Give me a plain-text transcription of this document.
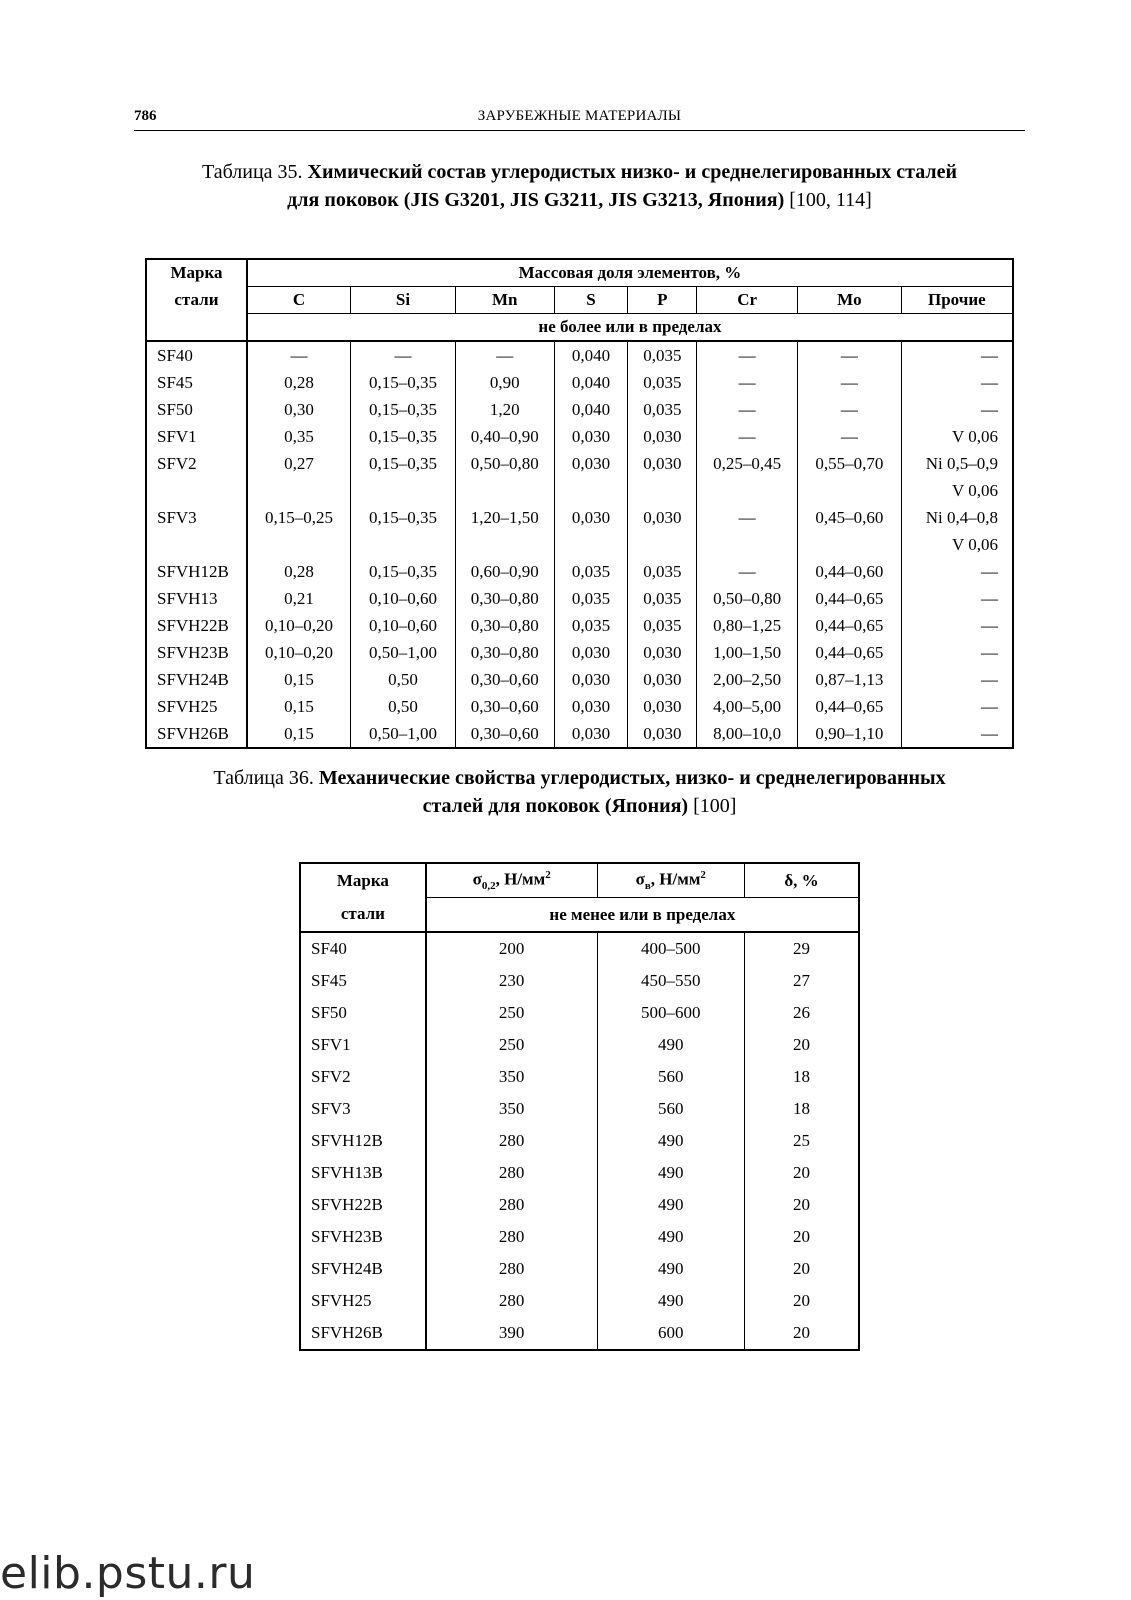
786	ЗАРУБЕЖНЫЕ МАТЕРИАЛЫ
Таблица 35. Химический состав углеродистых низко- и среднелегированных сталей
для поковок (JIS G3201, JIS G3211, JIS G3213, Япония) [100, 114]
Марка	Массовая доля элементов, %							
стали	C	Si	Mn	S	P	Cr	Mo	Прочие
	не более или в пределах							
SF40	—	—	—	0,040	0,035	—	—	—
SF45	0,28	0,15–0,35	0,90	0,040	0,035	—	—	—
SF50	0,30	0,15–0,35	1,20	0,040	0,035	—	—	—
SFV1	0,35	0,15–0,35	0,40–0,90	0,030	0,030	—	—	V 0,06
SFV2	0,27	0,15–0,35	0,50–0,80	0,030	0,030	0,25–0,45	0,55–0,70	Ni 0,5–0,9
								V 0,06
SFV3	0,15–0,25	0,15–0,35	1,20–1,50	0,030	0,030	—	0,45–0,60	Ni 0,4–0,8
								V 0,06
SFVH12B	0,28	0,15–0,35	0,60–0,90	0,035	0,035	—	0,44–0,60	—
SFVH13	0,21	0,10–0,60	0,30–0,80	0,035	0,035	0,50–0,80	0,44–0,65	—
SFVH22B	0,10–0,20	0,10–0,60	0,30–0,80	0,035	0,035	0,80–1,25	0,44–0,65	—
SFVH23B	0,10–0,20	0,50–1,00	0,30–0,80	0,030	0,030	1,00–1,50	0,44–0,65	—
SFVH24B	0,15	0,50	0,30–0,60	0,030	0,030	2,00–2,50	0,87–1,13	—
SFVH25	0,15	0,50	0,30–0,60	0,030	0,030	4,00–5,00	0,44–0,65	—
SFVH26B	0,15	0,50–1,00	0,30–0,60	0,030	0,030	8,00–10,0	0,90–1,10	—
Таблица 36. Механические свойства углеродистых, низко- и среднелегированных
сталей для поковок (Япония) [100]
Марка	$\sigma_{0,2}$, $Н/мм^2$	$\sigma_в$, $Н/мм^2$	δ, %
стали	не менее или в пределах		
SF40	200	400–500	29
SF45	230	450–550	27
SF50	250	500–600	26
SFV1	250	490	20
SFV2	350	560	18
SFV3	350	560	18
SFVH12B	280	490	25
SFVH13B	280	490	20
SFVH22B	280	490	20
SFVH23B	280	490	20
SFVH24B	280	490	20
SFVH25	280	490	20
SFVH26B	390	600	20
elib.pstu.ru
